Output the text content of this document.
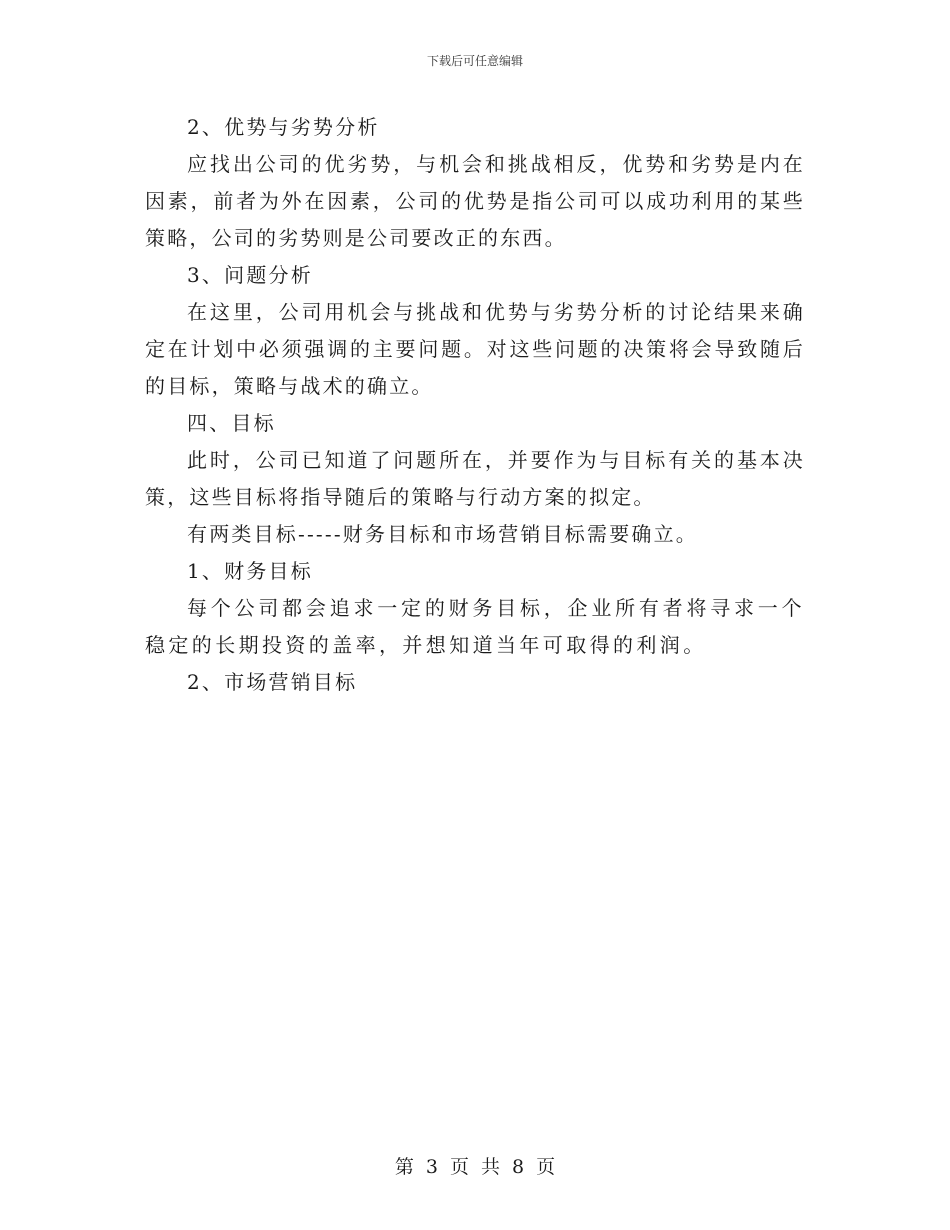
下载后可任意编辑

2、优势与劣势分析

应找出公司的优劣势，与机会和挑战相反，优势和劣势是内在因素，前者为外在因素，公司的优势是指公司可以成功利用的某些策略，公司的劣势则是公司要改正的东西。

3、问题分析

在这里，公司用机会与挑战和优势与劣势分析的讨论结果来确定在计划中必须强调的主要问题。对这些问题的决策将会导致随后的目标，策略与战术的确立。

四、目标

此时，公司已知道了问题所在，并要作为与目标有关的基本决策，这些目标将指导随后的策略与行动方案的拟定。

有两类目标-----财务目标和市场营销目标需要确立。

1、财务目标

每个公司都会追求一定的财务目标，企业所有者将寻求一个稳定的长期投资的盖率，并想知道当年可取得的利润。

2、市场营销目标

第 3 页 共 8 页
